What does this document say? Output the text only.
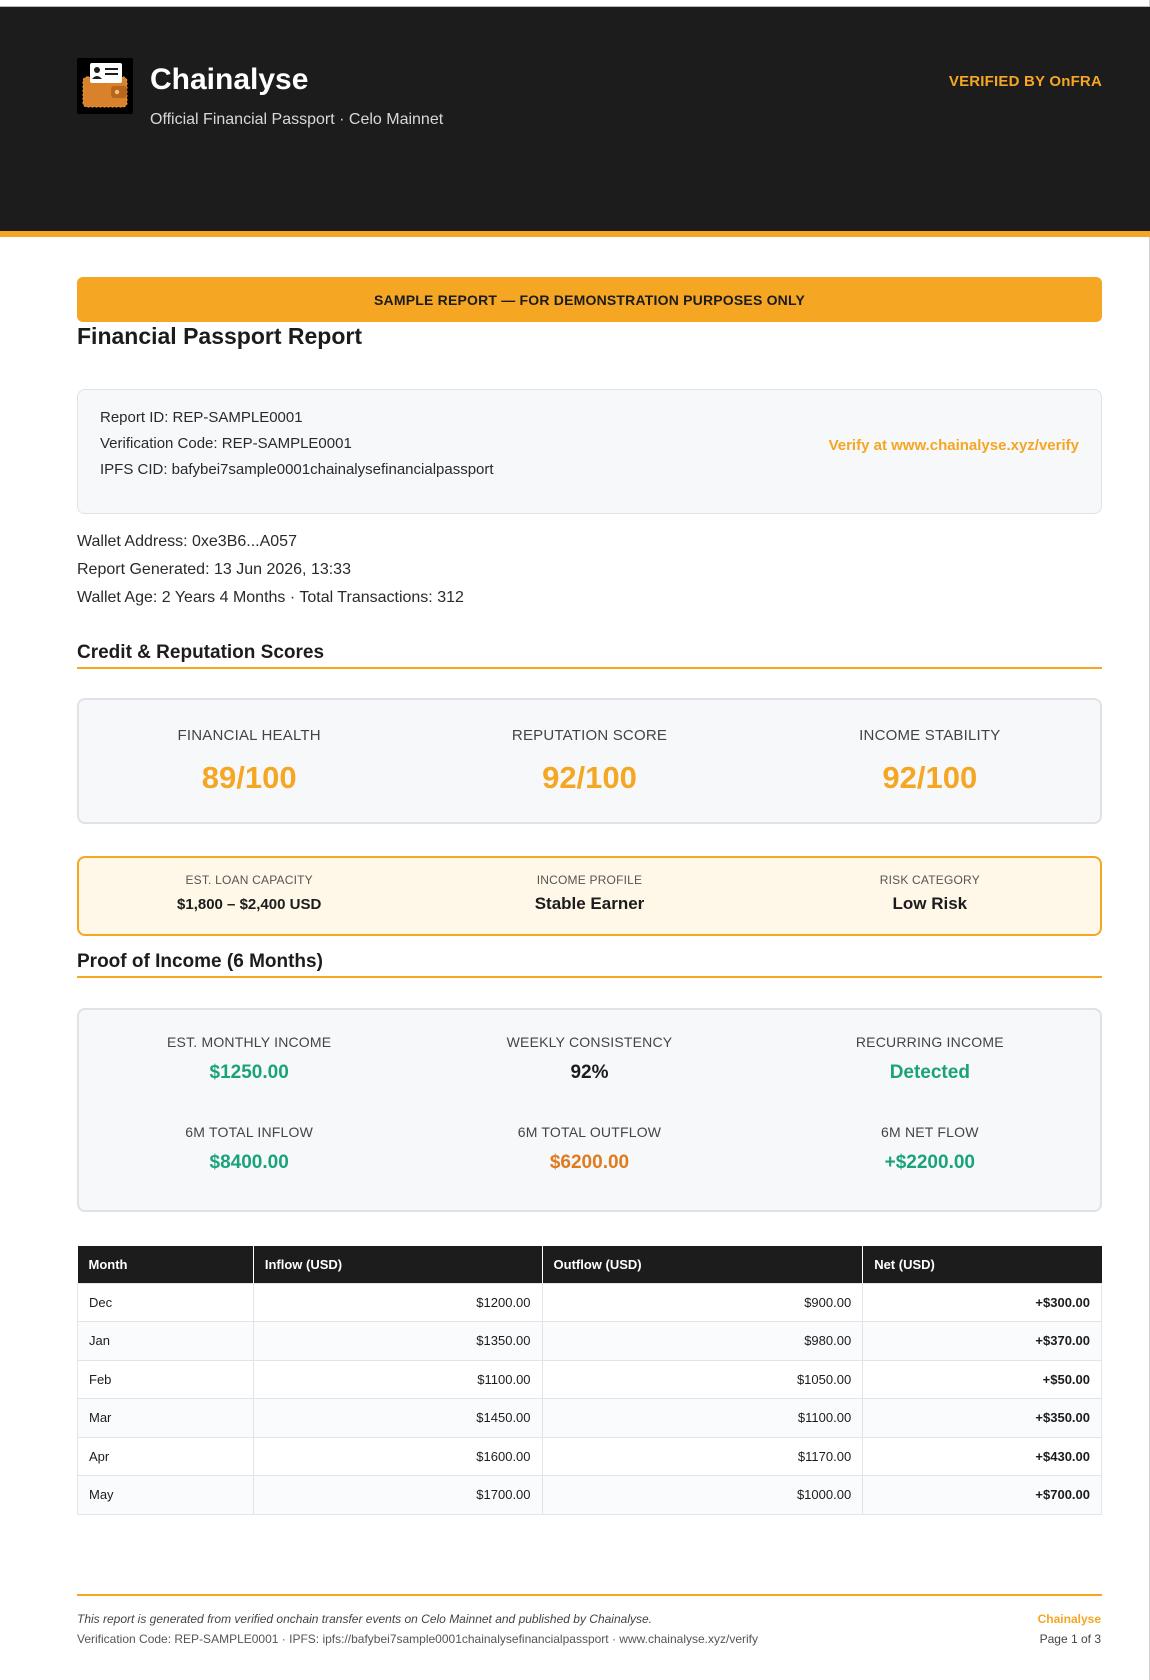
Chainalyse
Official Financial Passport · Celo Mainnet
VERIFIED BY OnFRA
SAMPLE REPORT — FOR DEMONSTRATION PURPOSES ONLY
Financial Passport Report
Report ID: REP-SAMPLE0001
Verification Code: REP-SAMPLE0001
IPFS CID: bafybei7sample0001chainalysefinancialpassport
Verify at www.chainalyse.xyz/verify
Wallet Address: 0xe3B6...A057
Report Generated: 13 Jun 2026, 13:33
Wallet Age: 2 Years 4 Months · Total Transactions: 312
Credit & Reputation Scores
FINANCIAL HEALTH
89/100
REPUTATION SCORE
92/100
INCOME STABILITY
92/100
EST. LOAN CAPACITY
$1,800 – $2,400 USD
INCOME PROFILE
Stable Earner
RISK CATEGORY
Low Risk
Proof of Income (6 Months)
EST. MONTHLY INCOME
$1250.00
WEEKLY CONSISTENCY
92%
RECURRING INCOME
Detected
6M TOTAL INFLOW
$8400.00
6M TOTAL OUTFLOW
$6200.00
6M NET FLOW
+$2200.00
Month	Inflow (USD)	Outflow (USD)	Net (USD)
Dec	$1200.00	$900.00	+$300.00
Jan	$1350.00	$980.00	+$370.00
Feb	$1100.00	$1050.00	+$50.00
Mar	$1450.00	$1100.00	+$350.00
Apr	$1600.00	$1170.00	+$430.00
May	$1700.00	$1000.00	+$700.00
This report is generated from verified onchain transfer events on Celo Mainnet and published by Chainalyse.
Verification Code: REP-SAMPLE0001 · IPFS: ipfs://bafybei7sample0001chainalysefinancialpassport · www.chainalyse.xyz/verify
Chainalyse
Page 1 of 3
